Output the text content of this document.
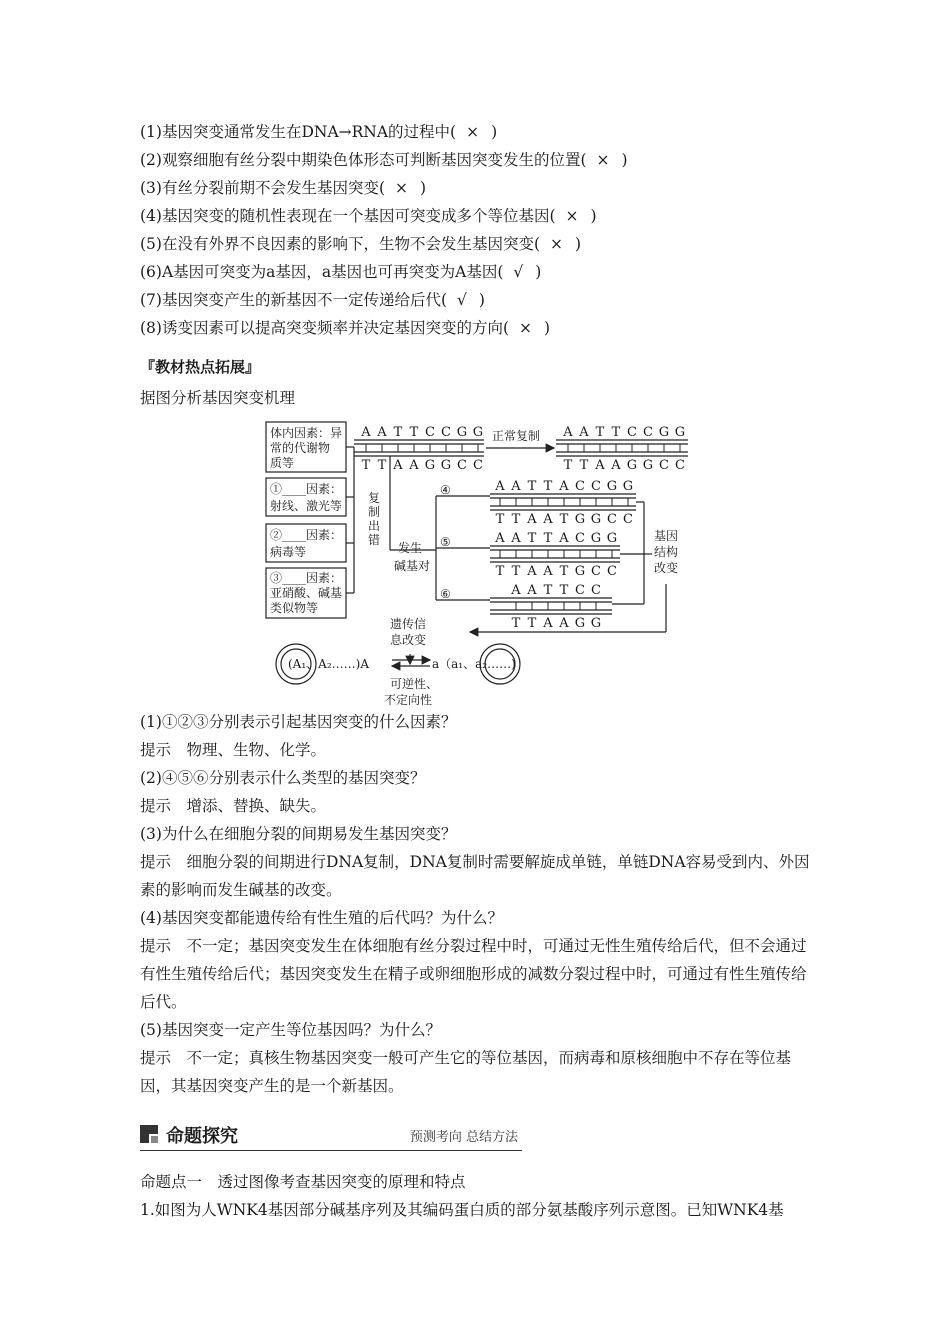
(1)基因突变通常发生在DNA→RNA的过程中( × )
(2)观察细胞有丝分裂中期染色体形态可判断基因突变发生的位置( × )
(3)有丝分裂前期不会发生基因突变( × )
(4)基因突变的随机性表现在一个基因可突变成多个等位基因( × )
(5)在没有外界不良因素的影响下，生物不会发生基因突变( × )
(6)A基因可突变为a基因，a基因也可再突变为A基因( √ )
(7)基因突变产生的新基因不一定传递给后代( √ )
(8)诱变因素可以提高突变频率并决定基因突变的方向( × )
『教材热点拓展』
据图分析基因突变机理
体内因素：异
常的代谢物
质等
①____因素：
射线、激光等
②____因素：
病毒等
③____因素：
亚硝酸、碱基
类似物等
复
制
出
错
正常复制
发生
碱基对
④
⑤
⑥
基因
结构
改变
遗传信
息改变
(A₁、A₂……)A	a（a₁、a₂……)
可逆性、
不定向性
A A T T C C G G
T T A A G G C C
A A T T C C G G
T T A A G G C C
A A T T A C C G G
T T A A T G G C C
A A T T A C G G
T T A A T G C C
A A T T C C
T T A A G G
(1)①②③分别表示引起基因突变的什么因素？
提示　物理、生物、化学。
(2)④⑤⑥分别表示什么类型的基因突变？
提示　增添、替换、缺失。
(3)为什么在细胞分裂的间期易发生基因突变？
提示　细胞分裂的间期进行DNA复制，DNA复制时需要解旋成单链，单链DNA容易受到内、外因素的影响而发生碱基的改变。
(4)基因突变都能遗传给有性生殖的后代吗？为什么？
提示　不一定；基因突变发生在体细胞有丝分裂过程中时，可通过无性生殖传给后代，但不会通过有性生殖传给后代；基因突变发生在精子或卵细胞形成的减数分裂过程中时，可通过有性生殖传给后代。
(5)基因突变一定产生等位基因吗？为什么？
提示　不一定；真核生物基因突变一般可产生它的等位基因，而病毒和原核细胞中不存在等位基因，其基因突变产生的是一个新基因。
命题探究	预测考向 总结方法
命题点一　透过图像考查基因突变的原理和特点
1.如图为人WNK4基因部分碱基序列及其编码蛋白质的部分氨基酸序列示意图。已知WNK4基
